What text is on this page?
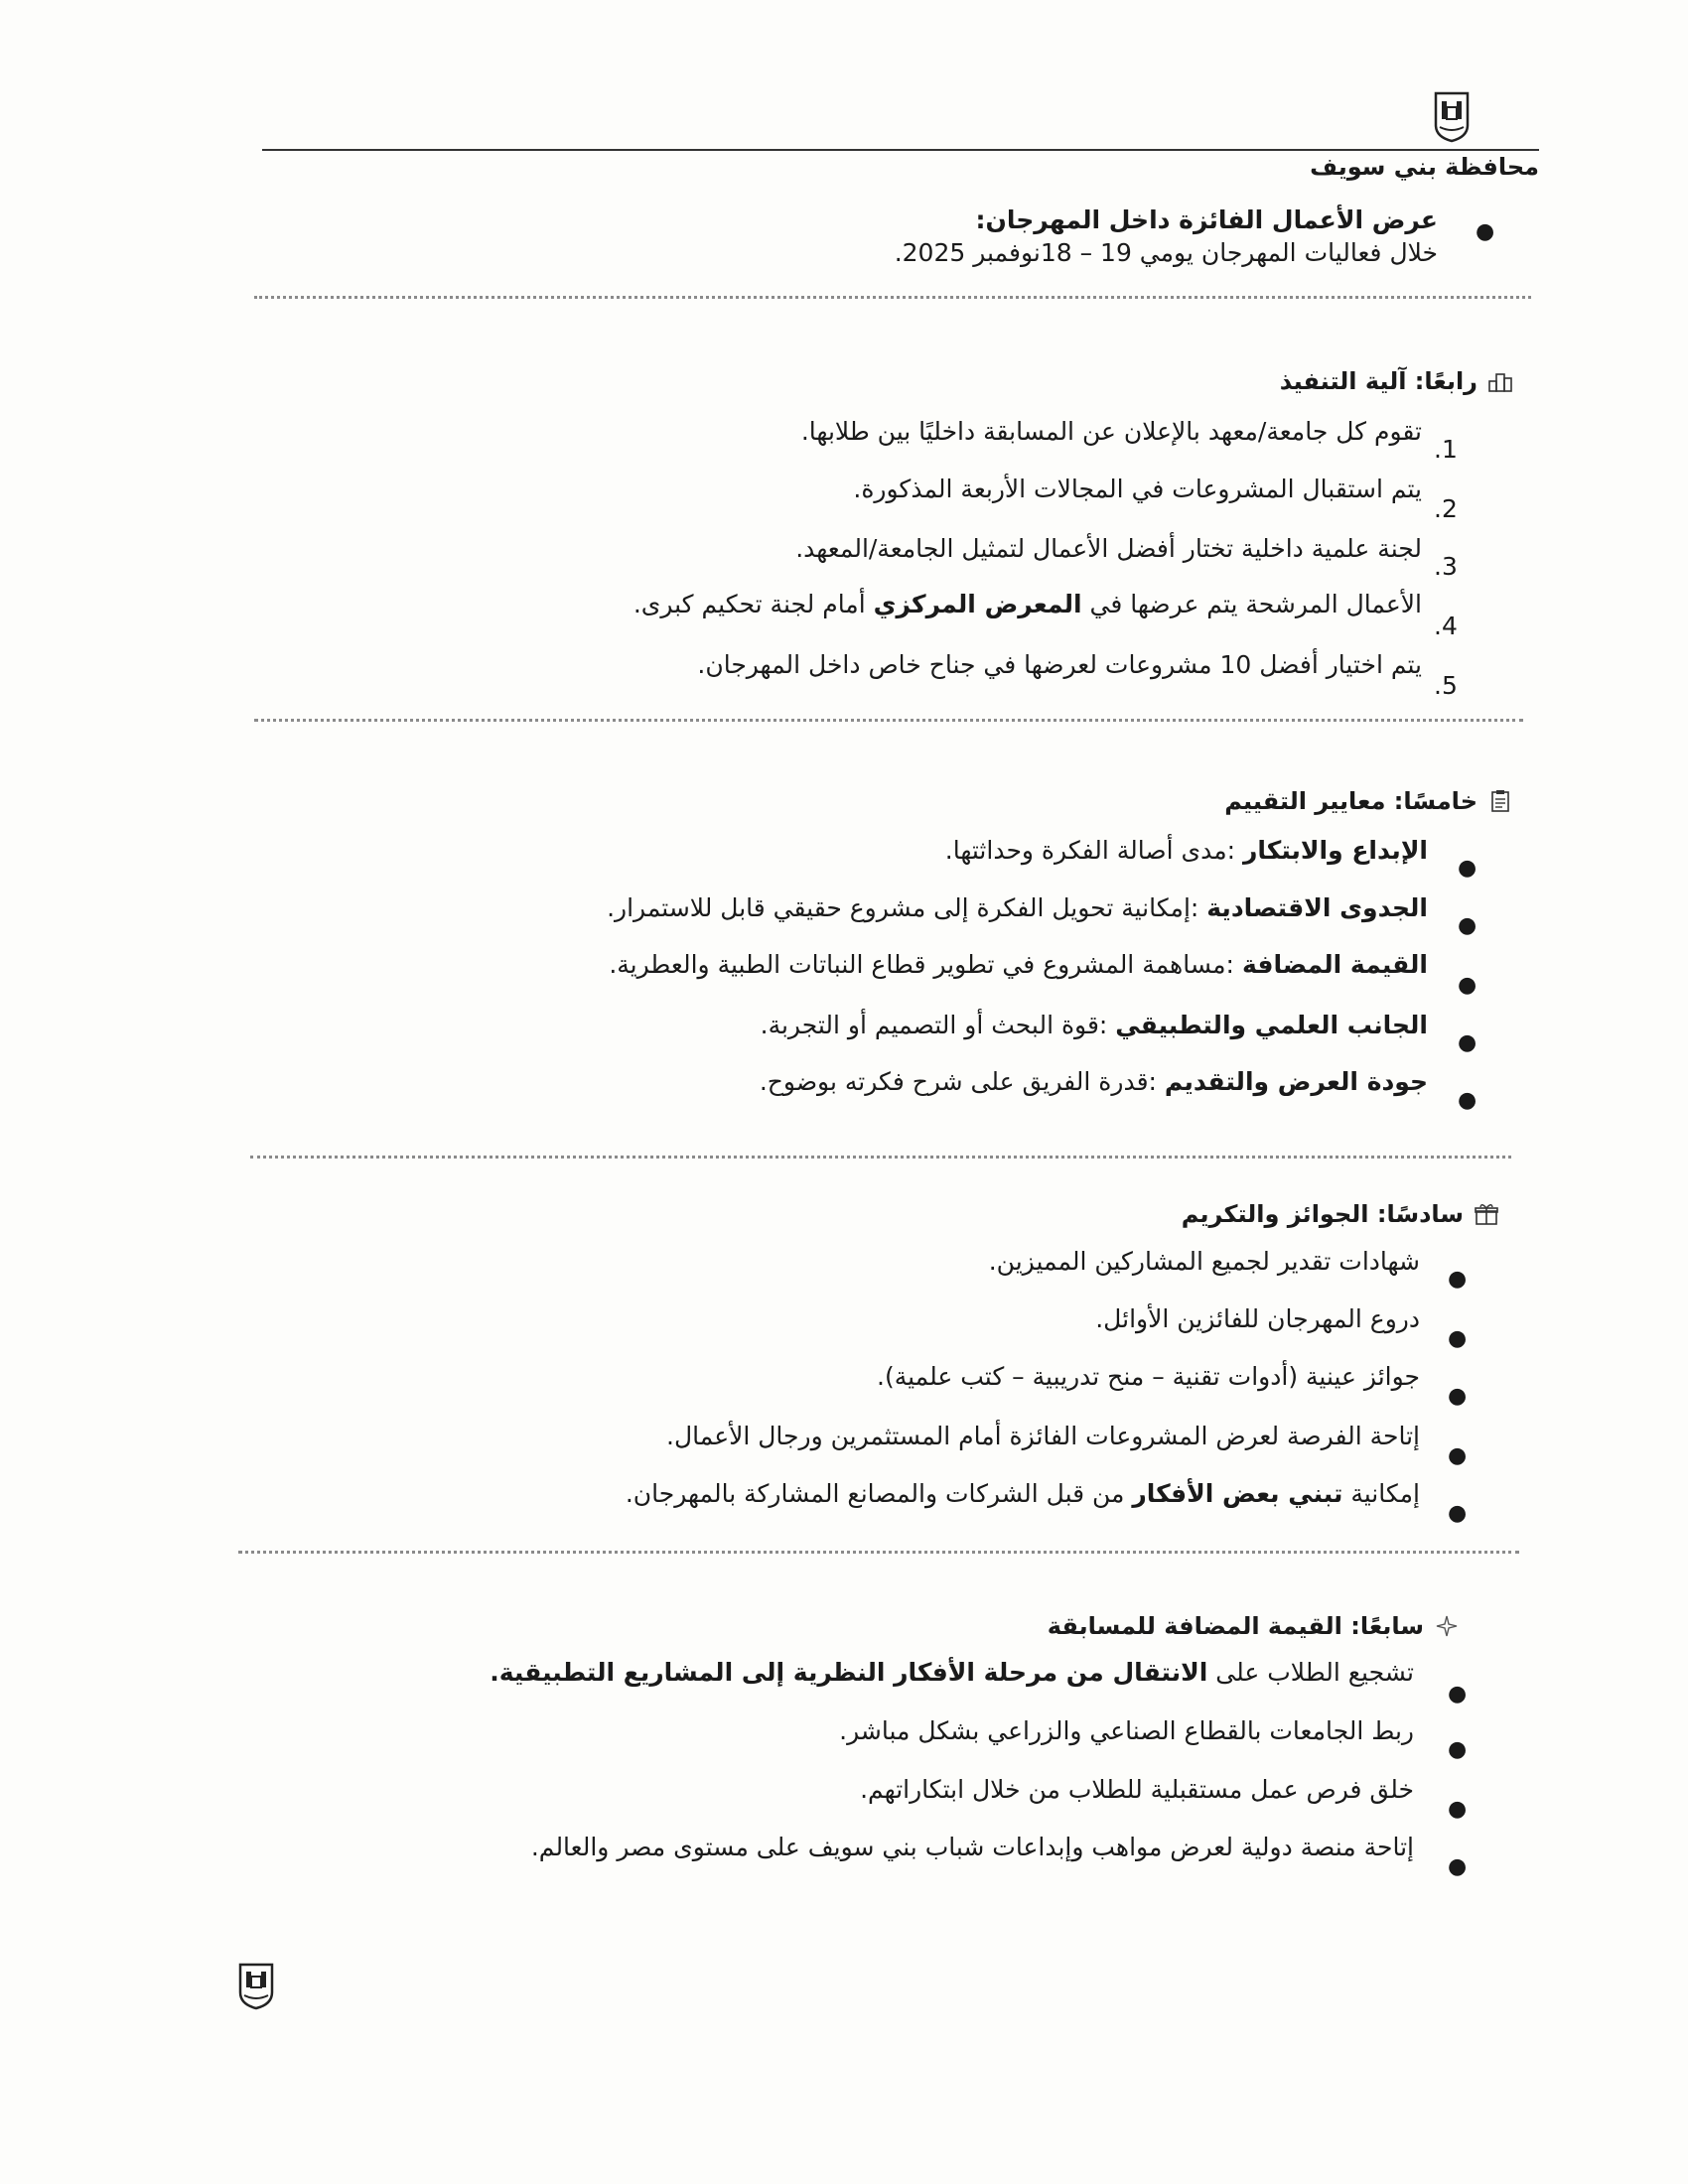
محافظة بني سويف
●
عرض الأعمال الفائزة داخل المهرجان:
خلال فعاليات المهرجان يومي 19 – 18نوفمبر 2025.
رابعًا: آلية التنفيذ
.1
تقوم كل جامعة/معهد بالإعلان عن المسابقة داخليًا بين طلابها.
.2
يتم استقبال المشروعات في المجالات الأربعة المذكورة.
.3
لجنة علمية داخلية تختار أفضل الأعمال لتمثيل الجامعة/المعهد.
.4
الأعمال المرشحة يتم عرضها في المعرض المركزي أمام لجنة تحكيم كبرى.
.5
يتم اختيار أفضل 10 مشروعات لعرضها في جناح خاص داخل المهرجان.
خامسًا: معايير التقييم
●
الإبداع والابتكار :مدى أصالة الفكرة وحداثتها.
●
الجدوى الاقتصادية :إمكانية تحويل الفكرة إلى مشروع حقيقي قابل للاستمرار.
●
القيمة المضافة :مساهمة المشروع في تطوير قطاع النباتات الطبية والعطرية.
●
الجانب العلمي والتطبيقي :قوة البحث أو التصميم أو التجربة.
●
جودة العرض والتقديم :قدرة الفريق على شرح فكرته بوضوح.
سادسًا: الجوائز والتكريم
●
شهادات تقدير لجميع المشاركين المميزين.
●
دروع المهرجان للفائزين الأوائل.
●
جوائز عينية (أدوات تقنية – منح تدريبية – كتب علمية).
●
إتاحة الفرصة لعرض المشروعات الفائزة أمام المستثمرين ورجال الأعمال.
●
إمكانية تبني بعض الأفكار من قبل الشركات والمصانع المشاركة بالمهرجان.
سابعًا: القيمة المضافة للمسابقة
●
تشجيع الطلاب على الانتقال من مرحلة الأفكار النظرية إلى المشاريع التطبيقية.
●
ربط الجامعات بالقطاع الصناعي والزراعي بشكل مباشر.
●
خلق فرص عمل مستقبلية للطلاب من خلال ابتكاراتهم.
●
إتاحة منصة دولية لعرض مواهب وإبداعات شباب بني سويف على مستوى مصر والعالم.
